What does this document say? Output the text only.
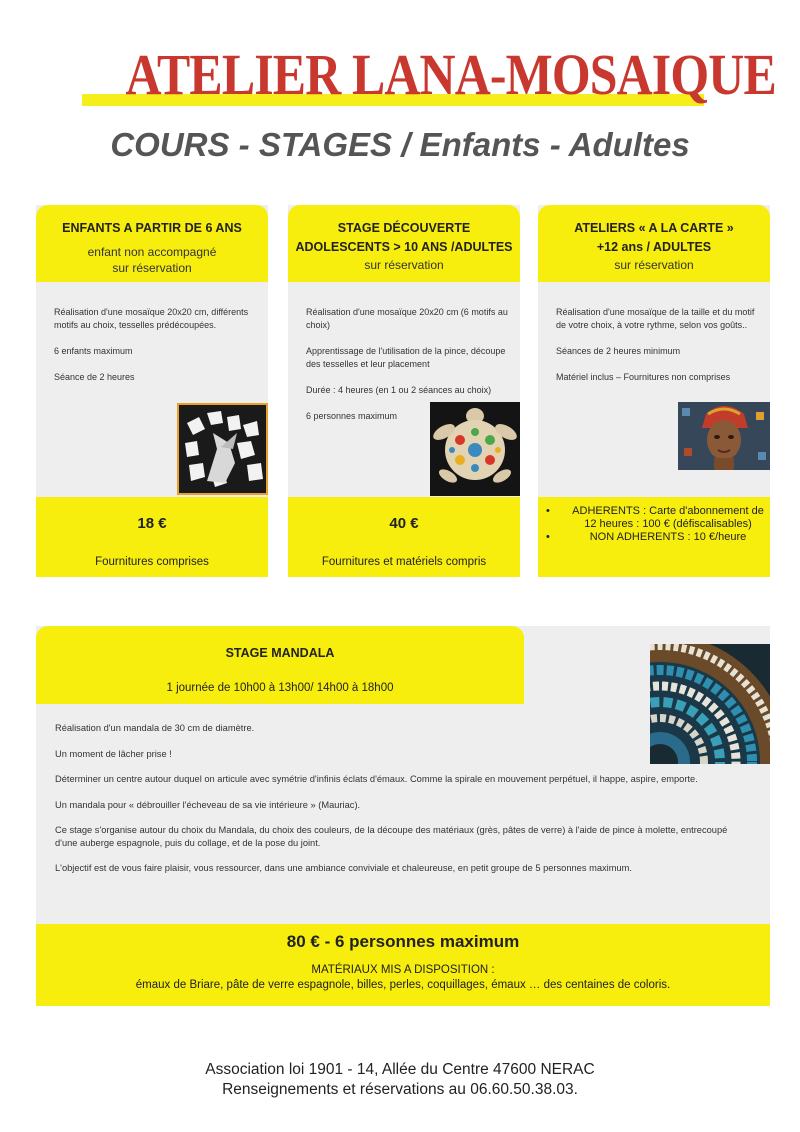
ATELIER LANA-MOSAIQUE
COURS - STAGES / Enfants - Adultes
ENFANTS A PARTIR DE 6 ANS
enfant non accompagné
sur réservation

Réalisation d'une mosaïque 20x20 cm, différents motifs au choix, tesselles prédécoupées.

6 enfants maximum

Séance de 2 heures

18 €
Fournitures comprises
STAGE DÉCOUVERTE
ADOLESCENTS > 10 ANS /ADULTES
sur réservation

Réalisation d'une mosaïque 20x20 cm (6 motifs au choix)

Apprentissage de l'utilisation de la pince, découpe des tesselles et leur placement

Durée : 4 heures (en 1 ou 2 séances au choix)

6 personnes maximum

40 €
Fournitures et matériels compris
ATELIERS « A LA CARTE »
+12 ans / ADULTES
sur réservation

Réalisation d'une mosaïque de la taille et du motif de votre choix, à votre rythme, selon vos goûts..

Séances de 2 heures minimum

Matériel inclus – Fournitures non comprises

• ADHERENTS : Carte d'abonnement de 12 heures : 100 € (défiscalisables)
• NON ADHERENTS : 10 €/heure
STAGE MANDALA
1 journée de 10h00 à 13h00/ 14h00 à 18h00

Réalisation d'un mandala de 30 cm de diamètre.

Un moment de lâcher prise !

Déterminer un centre autour duquel on articule avec symétrie d'infinis éclats d'émaux. Comme la spirale en mouvement perpétuel, il happe, aspire, emporte.

Un mandala pour « débrouiller l'écheveau de sa vie intérieure » (Mauriac).

Ce stage s'organise autour du choix du Mandala, du choix des couleurs, de la découpe des matériaux (grès, pâtes de verre) à l'aide de pince à molette, entrecoupé d'une auberge espagnole, puis du collage, et de la pose du joint.

L'objectif est de vous faire plaisir, vous ressourcer, dans une ambiance conviviale et chaleureuse, en petit groupe de 5 personnes maximum.

80 € - 6 personnes maximum
MATÉRIAUX MIS A DISPOSITION :
émaux de Briare, pâte de verre espagnole, billes, perles, coquillages, émaux … des centaines de coloris.
Association loi 1901 - 14, Allée du Centre 47600 NERAC
Renseignements et réservations au 06.60.50.38.03.
